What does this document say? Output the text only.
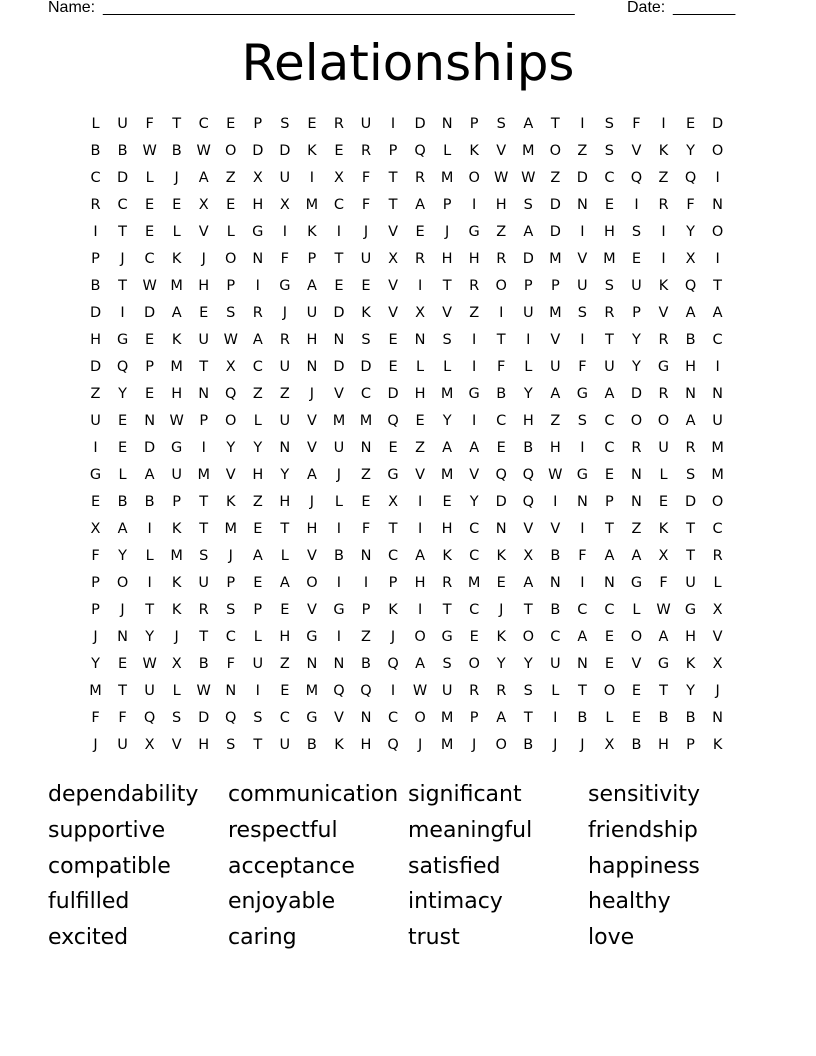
Name: _____________________________________________________	Date: _______
Relationships
L	U	F	T	C	E	P	S	E	R	U	I	D	N	P	S	A	T	I	S	F	I	E	D
B	B	W	B	W O	D	D	K	E	R	P	Q	L	K	V	M	O	Z	S	V	K	Y	O
C	D	L	J	A	Z	X	U	I	X	F	T	R	M	O W W	Z	D	C	Q	Z	Q	I
R	C	E	E	X	E	H	X	M	C	F	T	A	P	I	H	S	D	N	E	I	R	F	N
I	T	E	L	V	L	G	I	K	I	J	V	E	J	G	Z	A	D	I	H	S	I	Y	O
P	J	C	K	J	O	N	F	P	T	U	X	R	H	H	R	D	M	V	M	E	I	X	I
B	T	W M	H	P	I	G	A	E	E	V	I	T	R	O	P	P	U	S	U	K	Q	T
D	I	D	A	E	S	R	J	U	D	K	V	X	V	Z	I	U	M	S	R	P	V	A	A
H	G	E	K	U	W	A	R	H	N	S	E	N	S	I	T	I	V	I	T	Y	R	B	C
D	Q	P	M	T	X	C	U	N	D	D	E	L	L	I	F	L	U	F	U	Y	G	H	I
Z	Y	E	H	N	Q	Z	Z	J	V	C	D	H	M	G	B	Y	A	G	A	D	R	N	N
U	E	N W	P	O	L	U	V	M	M	Q	E	Y	I	C	H	Z	S	C	O	O	A	U
I	E	D	G	I	Y	Y	N	V	U	N	E	Z	A	A	E	B	H	I	C	R	U	R	M
G	L	A	U	M	V	H	Y	A	J	Z	G	V	M	V	Q	Q W G	E	N	L	S	M
E	B	B	P	T	K	Z	H	J	L	E	X	I	E	Y	D	Q	I	N	P	N	E	D	O
X	A	I	K	T	M	E	T	H	I	F	T	I	H	C	N	V	V	I	T	Z	K	T	C
F	Y	L	M	S	J	A	L	V	B	N	C	A	K	C	K	X	B	F	A	A	X	T	R
P	O	I	K	U	P	E	A	O	I	I	P	H	R	M	E	A	N	I	N	G	F	U	L
P	J	T	K	R	S	P	E	V	G	P	K	I	T	C	J	T	B	C	C	L	W G	X
J	N	Y	J	T	C	L	H	G	I	Z	J	O	G	E	K	O	C	A	E	O	A	H	V
Y	E	W	X	B	F	U	Z	N	N	B	Q	A	S	O	Y	Y	U	N	E	V	G	K	X
M	T	U	L	W N	I	E	M	Q	Q	I	W	U	R	R	S	L	T	O	E	T	Y	J
F	F	Q	S	D	Q	S	C	G	V	N	C	O	M	P	A	T	I	B	L	E	B	B	N
J	U	X	V	H	S	T	U	B	K	H	Q	J	M	J	O	B	J	J	X	B	H	P	K
dependability	communication significant	sensitivity
supportive	respectful	meaningful	friendship
compatible	acceptance	satisfied	happiness
fulfilled	enjoyable	intimacy	healthy
excited	caring	trust	love
